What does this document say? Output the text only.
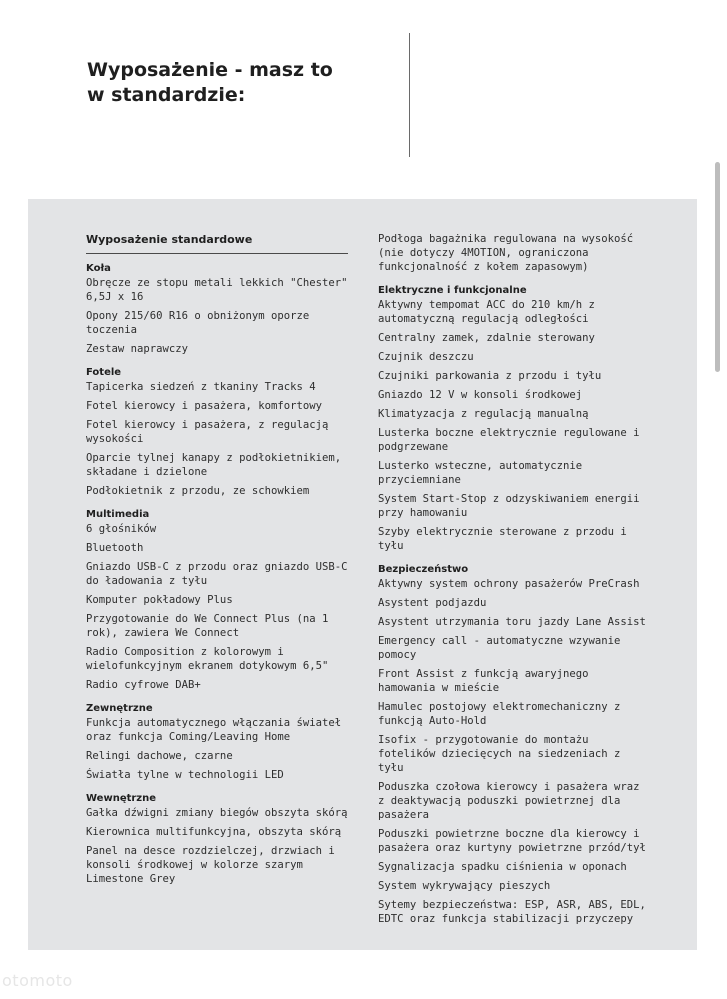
Wyposażenie - masz to
w standardzie:
Wyposażenie standardowe
Koła
Obręcze ze stopu metali lekkich "Chester" 6,5J x 16
Opony 215/60 R16 o obniżonym oporze toczenia
Zestaw naprawczy
Fotele
Tapicerka siedzeń z tkaniny Tracks 4
Fotel kierowcy i pasażera, komfortowy
Fotel kierowcy i pasażera, z regulacją wysokości
Oparcie tylnej kanapy z podłokietnikiem, składane i dzielone
Podłokietnik z przodu, ze schowkiem
Multimedia
6 głośników
Bluetooth
Gniazdo USB-C z przodu oraz gniazdo USB-C do ładowania z tyłu
Komputer pokładowy Plus
Przygotowanie do We Connect Plus (na 1 rok), zawiera We Connect
Radio Composition z kolorowym i wielofunkcyjnym ekranem dotykowym 6,5"
Radio cyfrowe DAB+
Zewnętrzne
Funkcja automatycznego włączania świateł oraz funkcja Coming/Leaving Home
Relingi dachowe, czarne
Światła tylne w technologii LED
Wewnętrzne
Gałka dźwigni zmiany biegów obszyta skórą
Kierownica multifunkcyjna, obszyta skórą
Panel na desce rozdzielczej, drzwiach i konsoli środkowej w kolorze szarym Limestone Grey
Podłoga bagażnika regulowana na wysokość (nie dotyczy 4MOTION, ograniczona funkcjonalność z kołem zapasowym)
Elektryczne i funkcjonalne
Aktywny tempomat ACC do 210 km/h z automatyczną regulacją odległości
Centralny zamek, zdalnie sterowany
Czujnik deszczu
Czujniki parkowania z przodu i tyłu
Gniazdo 12 V w konsoli środkowej
Klimatyzacja z regulacją manualną
Lusterka boczne elektrycznie regulowane i podgrzewane
Lusterko wsteczne, automatycznie przyciemniane
System Start-Stop z odzyskiwaniem energii przy hamowaniu
Szyby elektrycznie sterowane z przodu i tyłu
Bezpieczeństwo
Aktywny system ochrony pasażerów PreCrash
Asystent podjazdu
Asystent utrzymania toru jazdy Lane Assist
Emergency call - automatyczne wzywanie pomocy
Front Assist z funkcją awaryjnego hamowania w mieście
Hamulec postojowy elektromechaniczny z funkcją Auto-Hold
Isofix - przygotowanie do montażu fotelików dziecięcych na siedzeniach z tyłu
Poduszka czołowa kierowcy i pasażera wraz z deaktywacją poduszki powietrznej dla pasażera
Poduszki powietrzne boczne dla kierowcy i pasażera oraz kurtyny powietrzne przód/tył
Sygnalizacja spadku ciśnienia w oponach
System wykrywający pieszych
Sytemy bezpieczeństwa: ESP, ASR, ABS, EDL, EDTC oraz funkcja stabilizacji przyczepy
otomoto
